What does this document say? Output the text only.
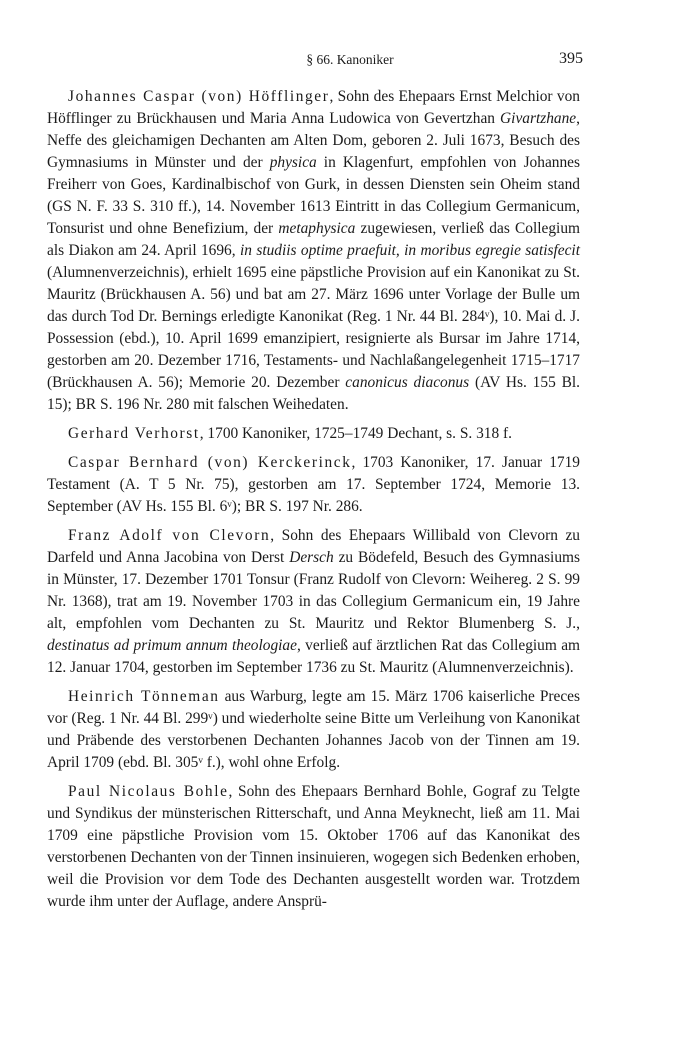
§ 66. Kanoniker	395

Johannes Caspar (von) Höfflinger, Sohn des Ehepaars Ernst Melchior von Höfflinger zu Brückhausen und Maria Anna Ludowica von Gevertzhan Givartzhane, Neffe des gleichamigen Dechanten am Alten Dom, geboren 2. Juli 1673, Besuch des Gymnasiums in Münster und der physica in Klagenfurt, empfohlen von Johannes Freiherr von Goes, Kardinalbischof von Gurk, in dessen Diensten sein Oheim stand (GS N. F. 33 S. 310 ff.), 14. November 1613 Eintritt in das Collegium Germanicum, Tonsurist und ohne Benefizium, der metaphysica zugewiesen, verließ das Collegium als Diakon am 24. April 1696, in studiis optime praefuit, in moribus egregie satisfecit (Alumnenverzeichnis), erhielt 1695 eine päpstliche Provision auf ein Kanonikat zu St. Mauritz (Brückhausen A. 56) und bat am 27. März 1696 unter Vorlage der Bulle um das durch Tod Dr. Bernings erledigte Kanonikat (Reg. 1 Nr. 44 Bl. 284ᵛ), 10. Mai d. J. Possession (ebd.), 10. April 1699 emanzipiert, resignierte als Bursar im Jahre 1714, gestorben am 20. Dezember 1716, Testaments- und Nachlaßangelegenheit 1715–1717 (Brückhausen A. 56); Memorie 20. Dezember canonicus diaconus (AV Hs. 155 Bl. 15); BR S. 196 Nr. 280 mit falschen Weihedaten.

Gerhard Verhorst, 1700 Kanoniker, 1725–1749 Dechant, s. S. 318 f.

Caspar Bernhard (von) Kerckerinck, 1703 Kanoniker, 17. Januar 1719 Testament (A. T 5 Nr. 75), gestorben am 17. September 1724, Memorie 13. September (AV Hs. 155 Bl. 6ᵛ); BR S. 197 Nr. 286.

Franz Adolf von Clevorn, Sohn des Ehepaars Willibald von Clevorn zu Darfeld und Anna Jacobina von Derst Dersch zu Bödefeld, Besuch des Gymnasiums in Münster, 17. Dezember 1701 Tonsur (Franz Rudolf von Clevorn: Weihereg. 2 S. 99 Nr. 1368), trat am 19. November 1703 in das Collegium Germanicum ein, 19 Jahre alt, empfohlen vom Dechanten zu St. Mauritz und Rektor Blumenberg S. J., destinatus ad primum annum theologiae, verließ auf ärztlichen Rat das Collegium am 12. Januar 1704, gestorben im September 1736 zu St. Mauritz (Alumnenverzeichnis).

Heinrich Tönneman aus Warburg, legte am 15. März 1706 kaiserliche Preces vor (Reg. 1 Nr. 44 Bl. 299ᵛ) und wiederholte seine Bitte um Verleihung von Kanonikat und Präbende des verstorbenen Dechanten Johannes Jacob von der Tinnen am 19. April 1709 (ebd. Bl. 305ᵛ f.), wohl ohne Erfolg.

Paul Nicolaus Bohle, Sohn des Ehepaars Bernhard Bohle, Gograf zu Telgte und Syndikus der münsterischen Ritterschaft, und Anna Meyknecht, ließ am 11. Mai 1709 eine päpstliche Provision vom 15. Oktober 1706 auf das Kanonikat des verstorbenen Dechanten von der Tinnen insinuieren, wogegen sich Bedenken erhoben, weil die Provision vor dem Tode des Dechanten ausgestellt worden war. Trotzdem wurde ihm unter der Auflage, andere Ansprü-
